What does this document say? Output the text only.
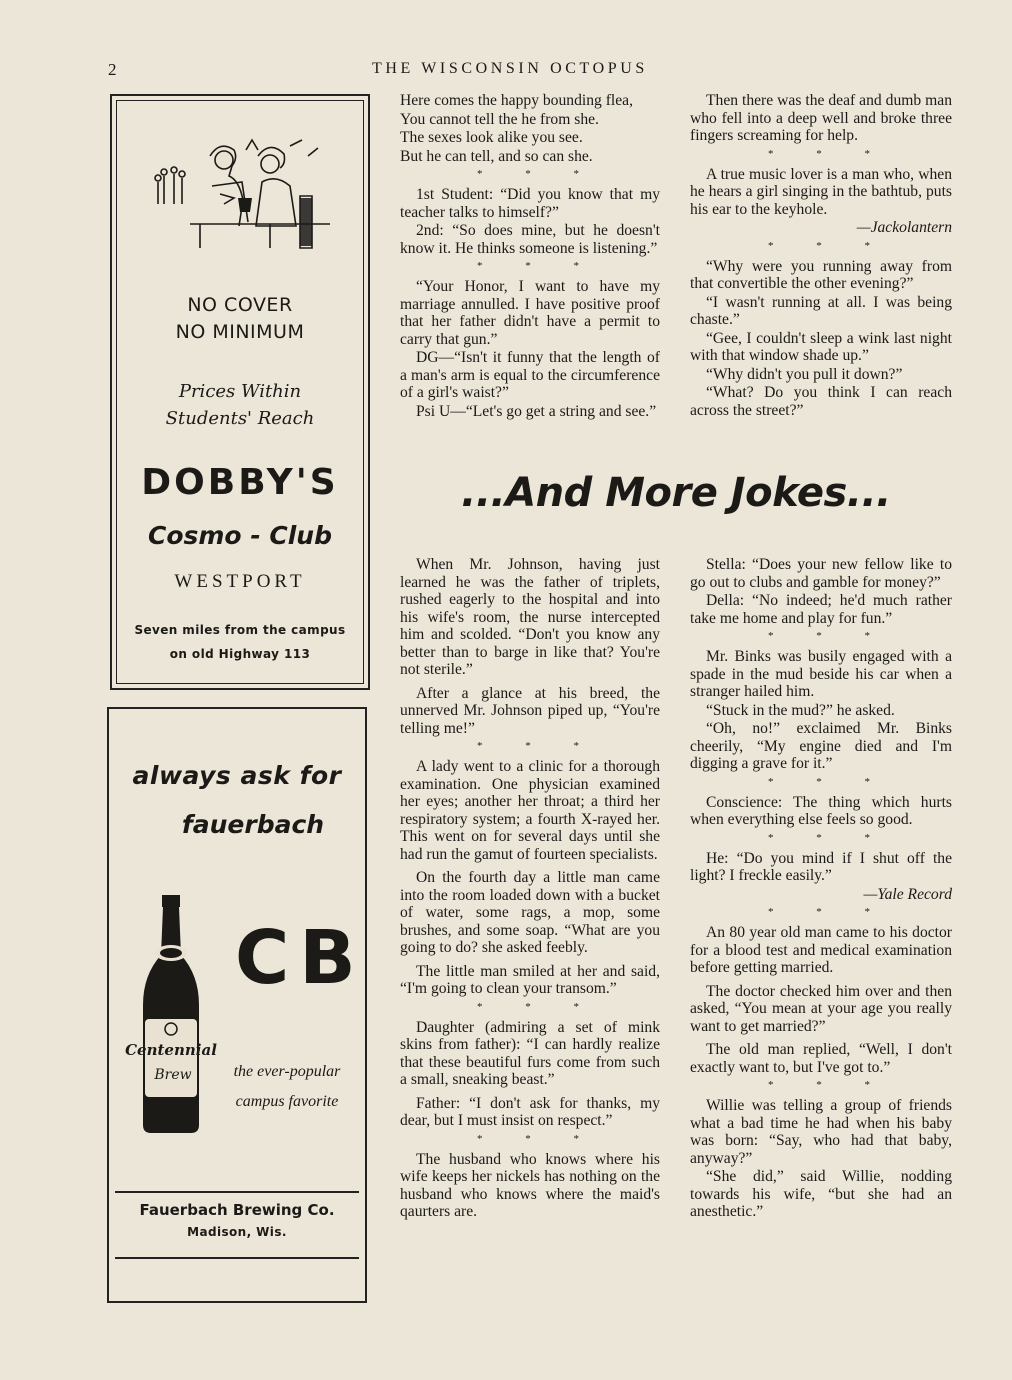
2	THE WISCONSIN OCTOPUS
NO COVER
NO MINIMUM
Prices Within
Students' Reach
DOBBY'S
Cosmo - Club
WESTPORT
Seven miles from the campus
on old Highway 113
always ask for
fauerbach
Centennial
Brew
CB
the ever-popular
campus favorite
Fauerbach Brewing Co.
Madison, Wis.

Here comes the happy bounding flea,

You cannot tell the he from she.

The sexes look alike you see.

But he can tell, and so can she.

* * *

1st Student: “Did you know that my teacher talks to himself?”

2nd: “So does mine, but he doesn't know it. He thinks someone is listening.”

* * *

“Your Honor, I want to have my marriage annulled. I have positive proof that her father didn't have a permit to carry that gun.”

DG—“Isn't it funny that the length of a man's arm is equal to the circumference of a girl's waist?”

Psi U—“Let's go get a string and see.”

Then there was the deaf and dumb man who fell into a deep well and broke three fingers screaming for help.

* * *

A true music lover is a man who, when he hears a girl singing in the bathtub, puts his ear to the keyhole.

—Jackolantern

* * *

“Why were you running away from that convertible the other evening?”

“I wasn't running at all. I was being chaste.”

“Gee, I couldn't sleep a wink last night with that window shade up.”

“Why didn't you pull it down?”

“What? Do you think I can reach across the street?”

...And More Jokes...

When Mr. Johnson, having just learned he was the father of triplets, rushed eagerly to the hospital and into his wife's room, the nurse intercepted him and scolded. “Don't you know any better than to barge in like that? You're not sterile.”

After a glance at his breed, the unnerved Mr. Johnson piped up, “You're telling me!”

* * *

A lady went to a clinic for a thorough examination. One physician examined her eyes; another her throat; a third her respiratory system; a fourth X-rayed her. This went on for several days until she had run the gamut of fourteen specialists.

On the fourth day a little man came into the room loaded down with a bucket of water, some rags, a mop, some brushes, and some soap. “What are you going to do? she asked feebly.

The little man smiled at her and said, “I'm going to clean your transom.”

* * *

Daughter (admiring a set of mink skins from father): “I can hardly realize that these beautiful furs come from such a small, sneaking beast.”

Father: “I don't ask for thanks, my dear, but I must insist on respect.”

* * *

The husband who knows where his wife keeps her nickels has nothing on the husband who knows where the maid's qaurters are.

Stella: “Does your new fellow like to go out to clubs and gamble for money?”

Della: “No indeed; he'd much rather take me home and play for fun.”

* * *

Mr. Binks was busily engaged with a spade in the mud beside his car when a stranger hailed him.

“Stuck in the mud?” he asked.

“Oh, no!” exclaimed Mr. Binks cheerily, “My engine died and I'm digging a grave for it.”

* * *

Conscience: The thing which hurts when everything else feels so good.

* * *

He: “Do you mind if I shut off the light? I freckle easily.”

—Yale Record

* * *

An 80 year old man came to his doctor for a blood test and medical examination before getting married.

The doctor checked him over and then asked, “You mean at your age you really want to get married?”

The old man replied, “Well, I don't exactly want to, but I've got to.”

* * *

Willie was telling a group of friends what a bad time he had when his baby was born: “Say, who had that baby, anyway?”

“She did,” said Willie, nodding towards his wife, “but she had an anesthetic.”
